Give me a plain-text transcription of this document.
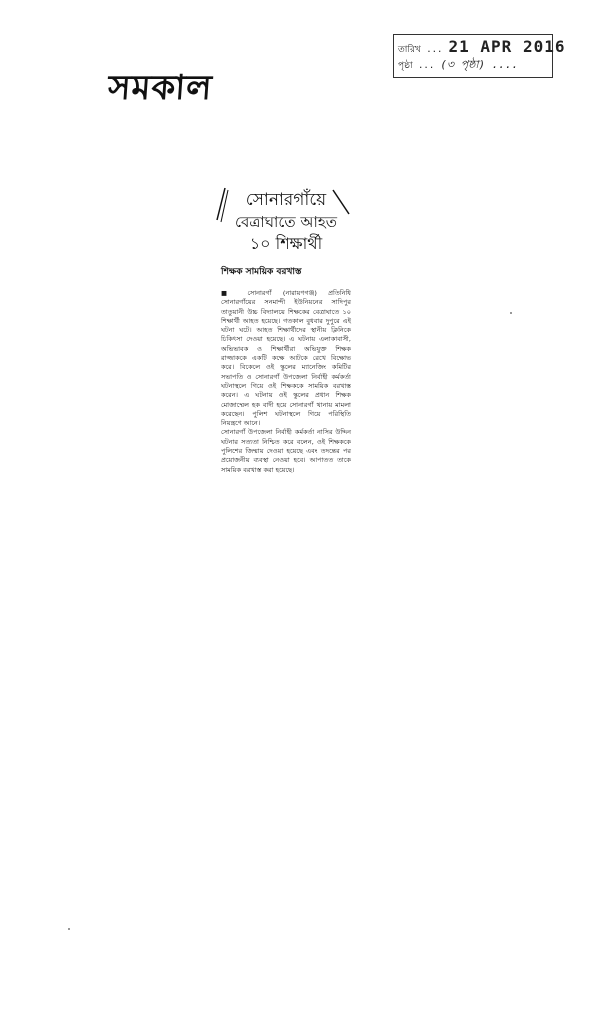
সমকাল
তারিখ ... 21 APR 2016
পৃষ্ঠা ... (৩ পৃষ্ঠা) ....
সোনারগাঁয়ে
বেত্রাঘাতে আহত
১০ শিক্ষার্থী
শিক্ষক সাময়িক বরখাস্ত

■ সোনারগাঁ (নারায়ণগঞ্জ) প্রতিনিধি সোনারগাঁয়ের সনমান্দী ইউনিয়নের সাদিপুর তাতুয়ানী উচ্চ বিদ্যালয়ে শিক্ষকের বেত্রাঘাতে ১০ শিক্ষার্থী আহত হয়েছে। গতকাল বুধবার দুপুরে এই ঘটনা ঘটে। আহত শিক্ষার্থীদের স্থানীয় ক্লিনিকে চিকিৎসা দেওয়া হয়েছে। এ ঘটনায় এলাকাবাসী, অভিভাবক ও শিক্ষার্থীরা অভিযুক্ত শিক্ষক রাজ্জাককে একটি কক্ষে আটকে রেখে বিক্ষোভ করে। বিকেলে ওই স্কুলের ম্যানেজিং কমিটির সভাপতি ও সোনারগাঁ উপজেলা নির্বাহী কর্মকর্তা ঘটনাস্থলে গিয়ে ওই শিক্ষককে সাময়িক বরখাস্ত করেন। এ ঘটনায় ওই স্কুলের প্রধান শিক্ষক মোজাম্মেল হক বাদী হয়ে সোনারগাঁ থানায় মামলা করেছেন। পুলিশ ঘটনাস্থলে গিয়ে পরিস্থিতি নিয়ন্ত্রণে আনে।

সোনারগাঁ উপজেলা নির্বাহী কর্মকর্তা নাসির উদ্দিন ঘটনার সত্যতা নিশ্চিত করে বলেন, ওই শিক্ষককে পুলিশের জিম্মায় দেওয়া হয়েছে এবং তদন্তের পর প্রয়োজনীয় ব্যবস্থা নেওয়া হবে। আপাতত তাকে সাময়িক বরখাস্ত করা হয়েছে।
